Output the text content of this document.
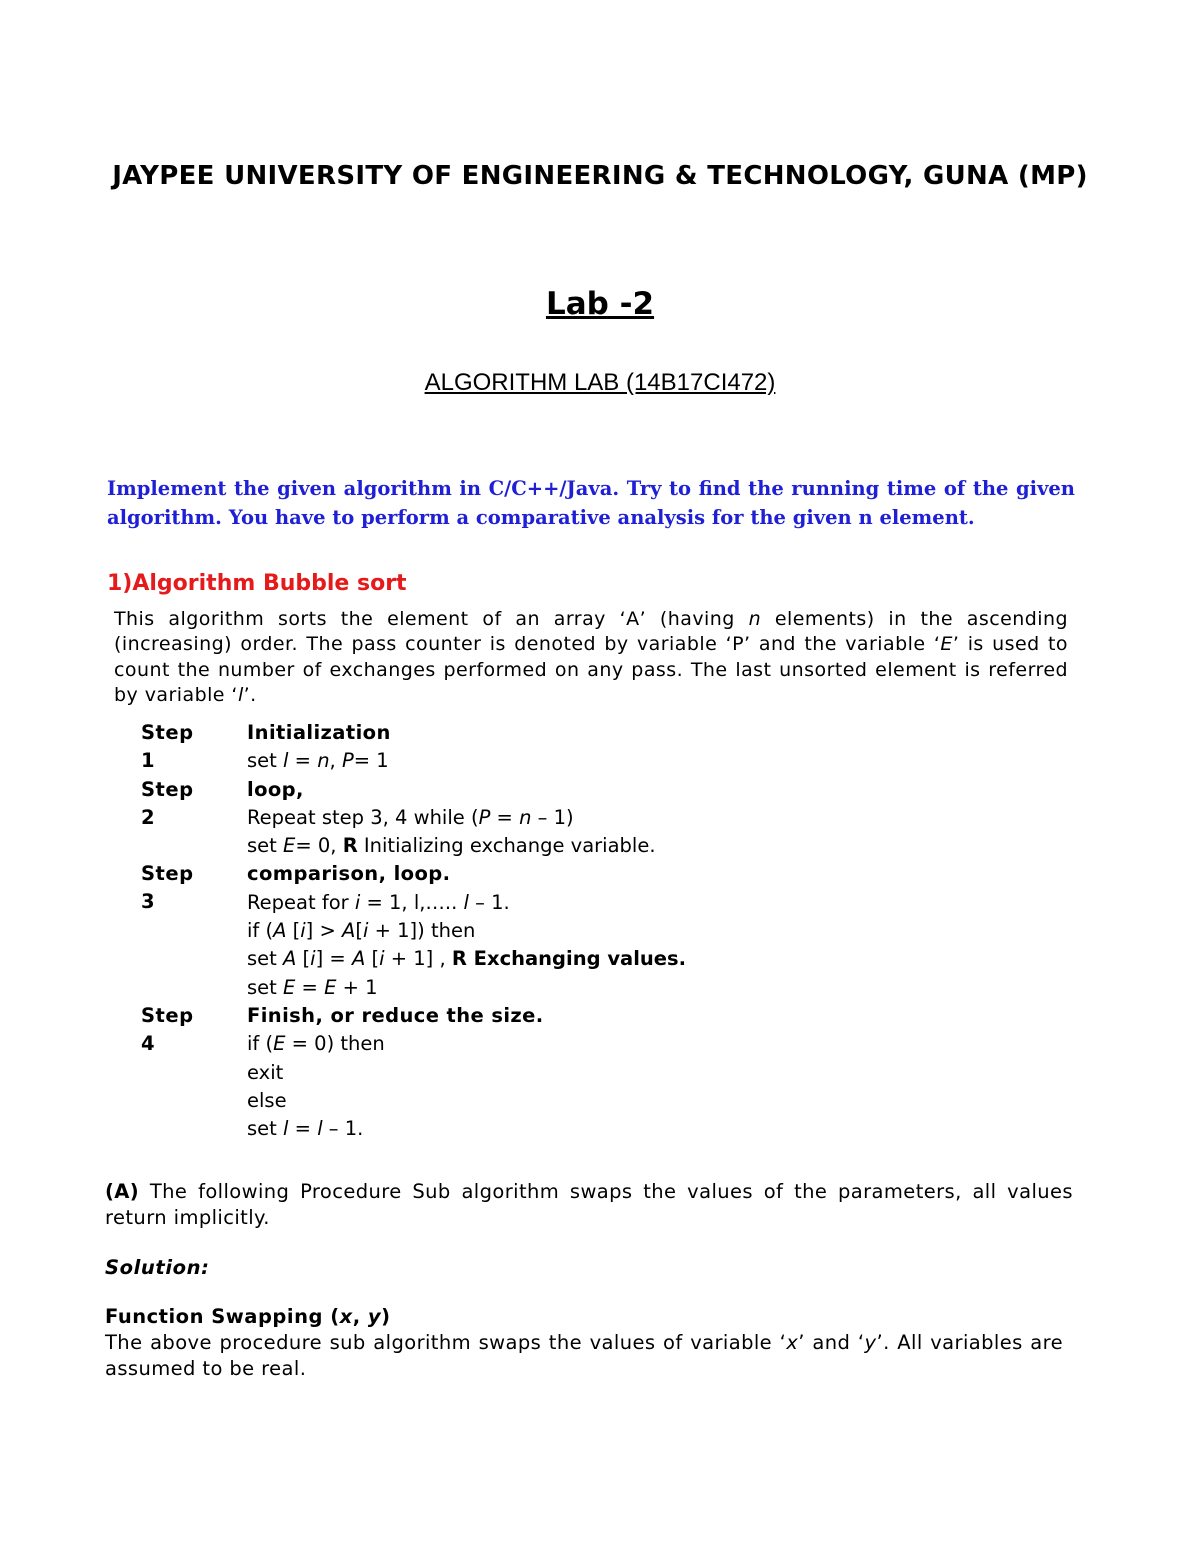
JAYPEE UNIVERSITY OF ENGINEERING & TECHNOLOGY, GUNA (MP)
Lab -2
ALGORITHM LAB (14B17CI472)
Implement the given algorithm in C/C++/Java. Try to find the running time of the given algorithm. You have to perform a comparative analysis for the given n element.
1)Algorithm Bubble sort
This algorithm sorts the element of an array ‘A’ (having n elements) in the ascending (increasing) order. The pass counter is denoted by variable ‘P’ and the variable ‘E’ is used to count the number of exchanges performed on any pass. The last unsorted element is referred by variable ‘l’.
Step 1
Initialization
set l = n, P= 1
Step 2
loop,
Repeat step 3, 4 while (P = n – 1)
set E= 0, R Initializing exchange variable.
Step 3
comparison, loop.
Repeat for i = 1, l,….. l – 1.
if (A [i] > A[i + 1]) then
set A [i] = A [i + 1] , R Exchanging values.
set E = E + 1
Step 4
Finish, or reduce the size.
if (E = 0) then
exit
else
set l = l – 1.
(A) The following Procedure Sub algorithm swaps the values of the parameters, all values return implicitly.
Solution:
Function Swapping (x, y)
The above procedure sub algorithm swaps the values of variable ‘x’ and ‘y’. All variables are assumed to be real.
